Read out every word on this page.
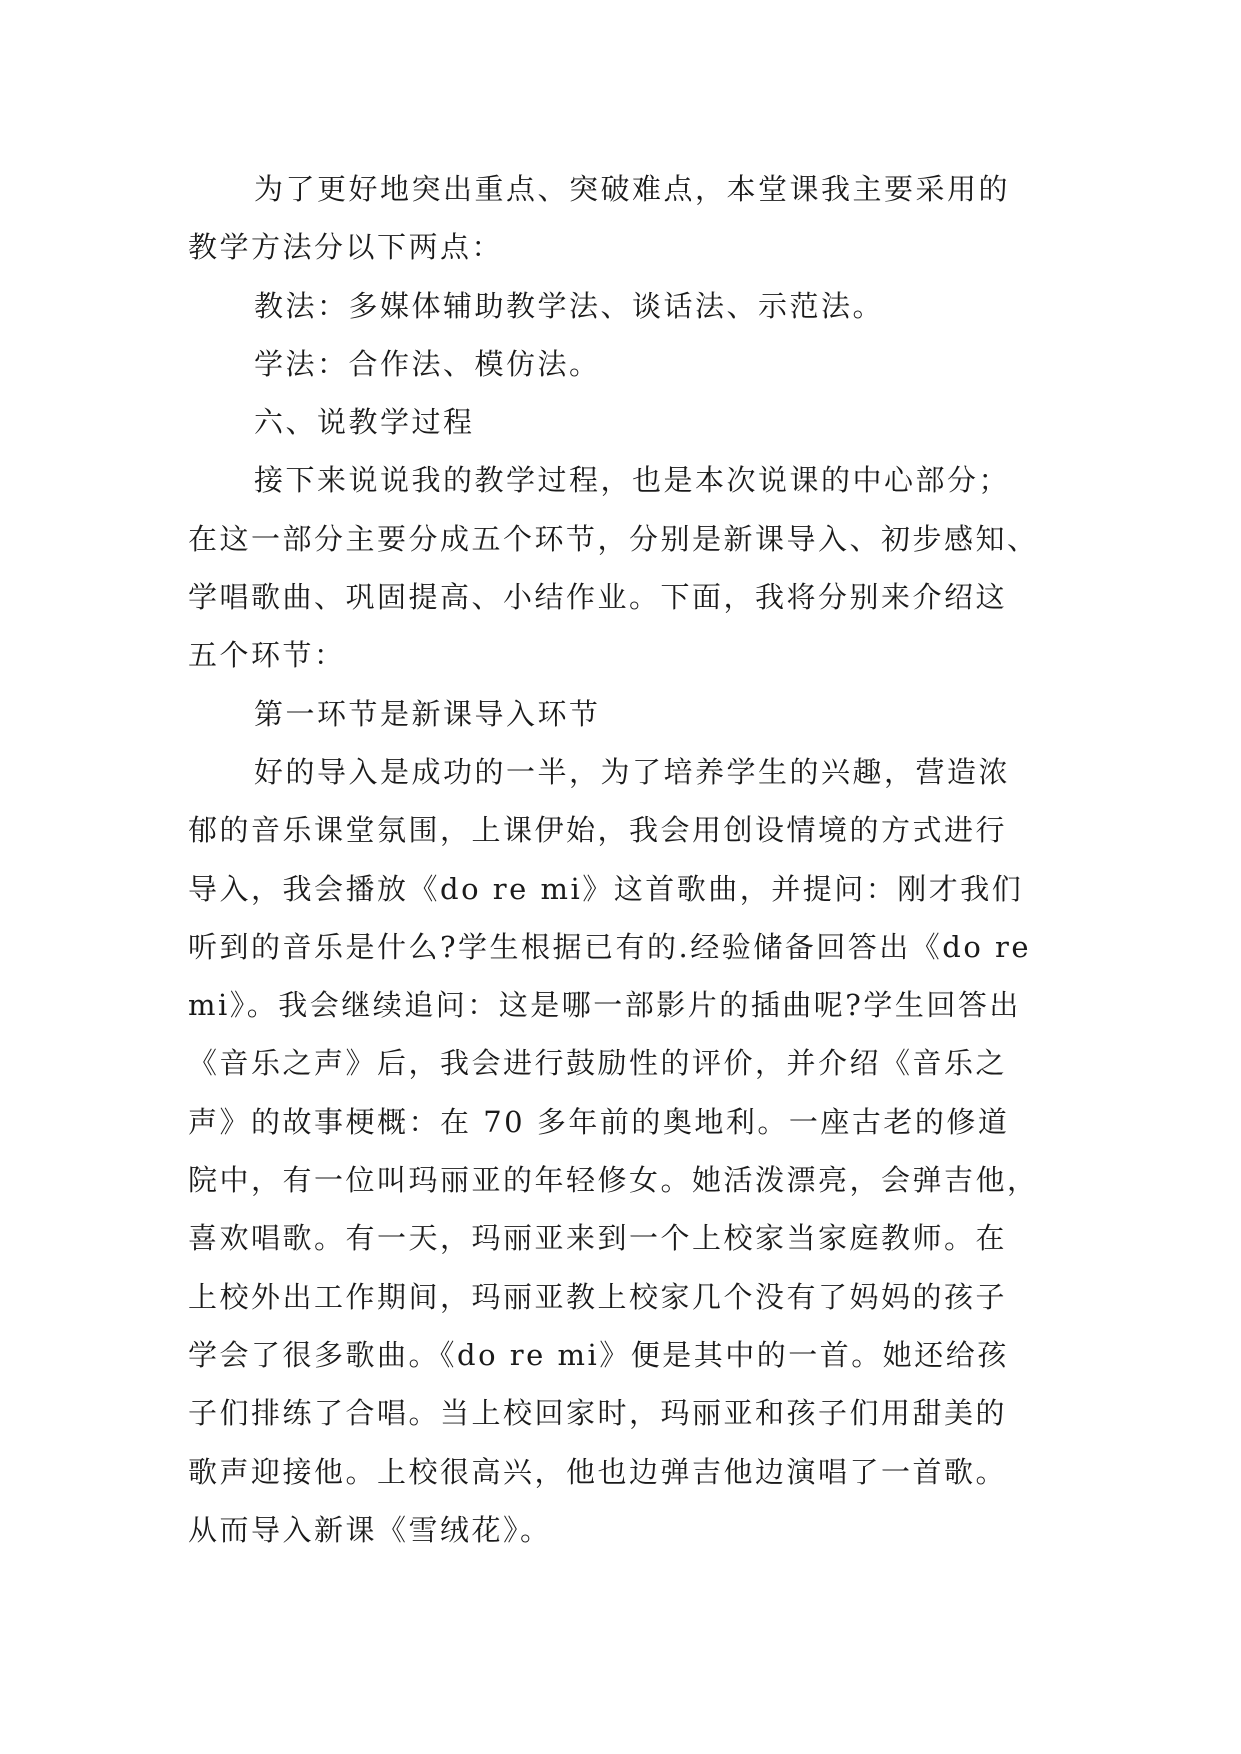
为了更好地突出重点、突破难点，本堂课我主要采用的
教学方法分以下两点：
教法：多媒体辅助教学法、谈话法、示范法。
学法：合作法、模仿法。
六、说教学过程
接下来说说我的教学过程，也是本次说课的中心部分；
在这一部分主要分成五个环节，分别是新课导入、初步感知、
学唱歌曲、巩固提高、小结作业。下面，我将分别来介绍这
五个环节：
第一环节是新课导入环节
好的导入是成功的一半，为了培养学生的兴趣，营造浓
郁的音乐课堂氛围，上课伊始，我会用创设情境的方式进行
导入，我会播放《do re mi》这首歌曲，并提问：刚才我们
听到的音乐是什么?学生根据已有的.经验储备回答出《do re
mi》。我会继续追问：这是哪一部影片的插曲呢?学生回答出
《音乐之声》后，我会进行鼓励性的评价，并介绍《音乐之
声》的故事梗概：在 70 多年前的奥地利。一座古老的修道
院中，有一位叫玛丽亚的年轻修女。她活泼漂亮，会弹吉他，
喜欢唱歌。有一天，玛丽亚来到一个上校家当家庭教师。在
上校外出工作期间，玛丽亚教上校家几个没有了妈妈的孩子
学会了很多歌曲。《do re mi》便是其中的一首。她还给孩
子们排练了合唱。当上校回家时，玛丽亚和孩子们用甜美的
歌声迎接他。上校很高兴，他也边弹吉他边演唱了一首歌。
从而导入新课《雪绒花》。
